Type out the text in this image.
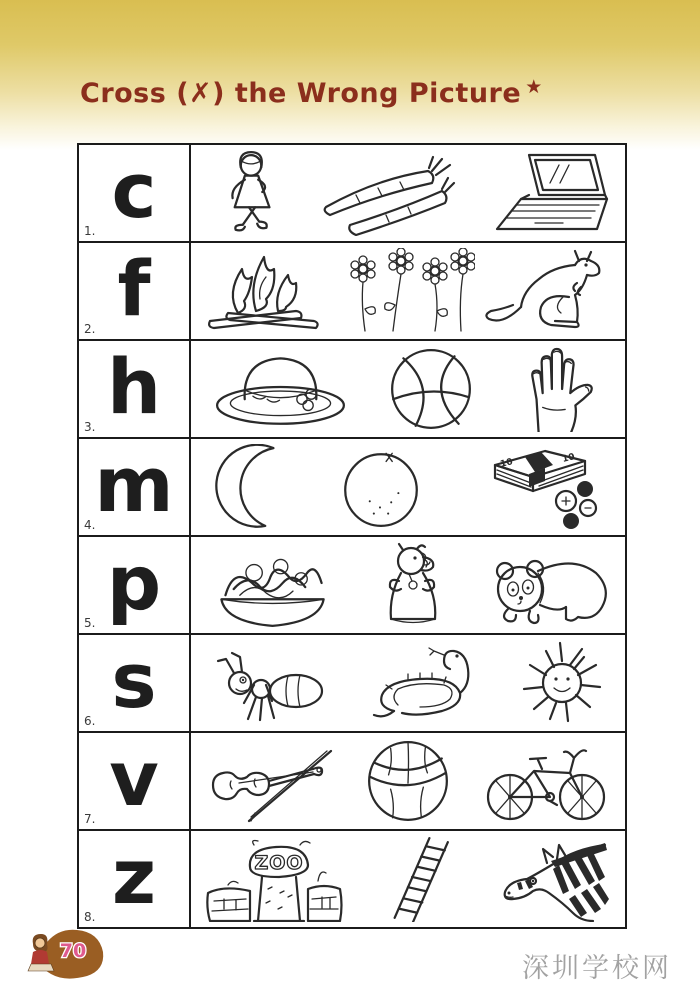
Cross (✗) the Wrong Picture ★
c
1.
f
2.
h
3.
m
4.
10	10
p
5.
s
6.
v
7.
z
8.
ZOO
70
深圳学校网
